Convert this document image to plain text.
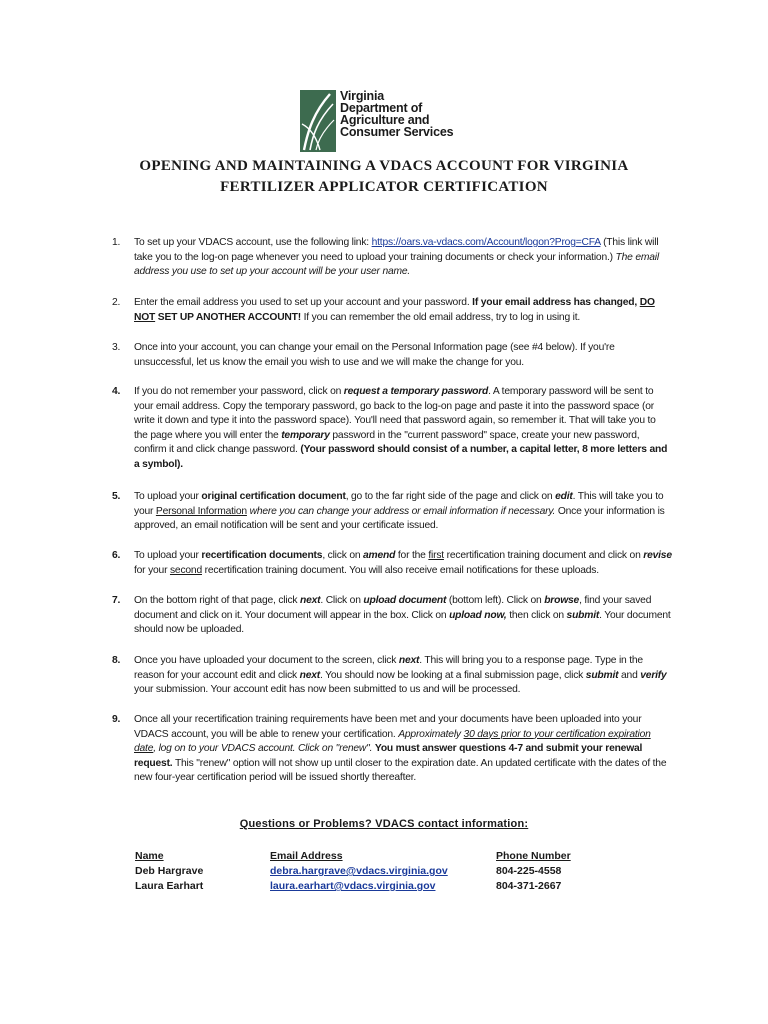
Virginia
Department of
Agriculture and
Consumer Services
OPENING AND MAINTAINING A VDACS ACCOUNT FOR VIRGINIA
FERTILIZER APPLICATOR CERTIFICATION
1.	To set up your VDACS account, use the following link: https://oars.va-vdacs.com/Account/logon?Prog=CFA (This link will take you to the log-on page whenever you need to upload your training documents or check your information.) The email address you use to set up your account will be your user name.
2.	Enter the email address you used to set up your account and your password. If your email address has changed, DO NOT SET UP ANOTHER ACCOUNT! If you can remember the old email address, try to log in using it.
3.	Once into your account, you can change your email on the Personal Information page (see #4 below). If you're unsuccessful, let us know the email you wish to use and we will make the change for you.
4.	If you do not remember your password, click on request a temporary password. A temporary password will be sent to your email address. Copy the temporary password, go back to the log-on page and paste it into the password space (or write it down and type it into the password space). You'll need that password again, so remember it. That will take you to the page where you will enter the temporary password in the "current password" space, create your new password, confirm it and click change password. (Your password should consist of a number, a capital letter, 8 more letters and a symbol).
5.	To upload your original certification document, go to the far right side of the page and click on edit. This will take you to your Personal Information where you can change your address or email information if necessary. Once your information is approved, an email notification will be sent and your certificate issued.
6.	To upload your recertification documents, click on amend for the first recertification training document and click on revise for your second recertification training document. You will also receive email notifications for these uploads.
7.	On the bottom right of that page, click next. Click on upload document (bottom left). Click on browse, find your saved document and click on it. Your document will appear in the box. Click on upload now, then click on submit. Your document should now be uploaded.
8.	Once you have uploaded your document to the screen, click next. This will bring you to a response page. Type in the reason for your account edit and click next. You should now be looking at a final submission page, click submit and verify your submission. Your account edit has now been submitted to us and will be processed.
9.	Once all your recertification training requirements have been met and your documents have been uploaded into your VDACS account, you will be able to renew your certification. Approximately 30 days prior to your certification expiration date, log on to your VDACS account. Click on "renew". You must answer questions 4-7 and submit your renewal request. This "renew" option will not show up until closer to the expiration date. An updated certificate with the dates of the new four-year certification period will be issued shortly thereafter.
Questions or Problems? VDACS contact information:
Name	Email Address	Phone Number
Deb Hargrave	debra.hargrave@vdacs.virginia.gov	804-225-4558
Laura Earhart	laura.earhart@vdacs.virginia.gov	804-371-2667
